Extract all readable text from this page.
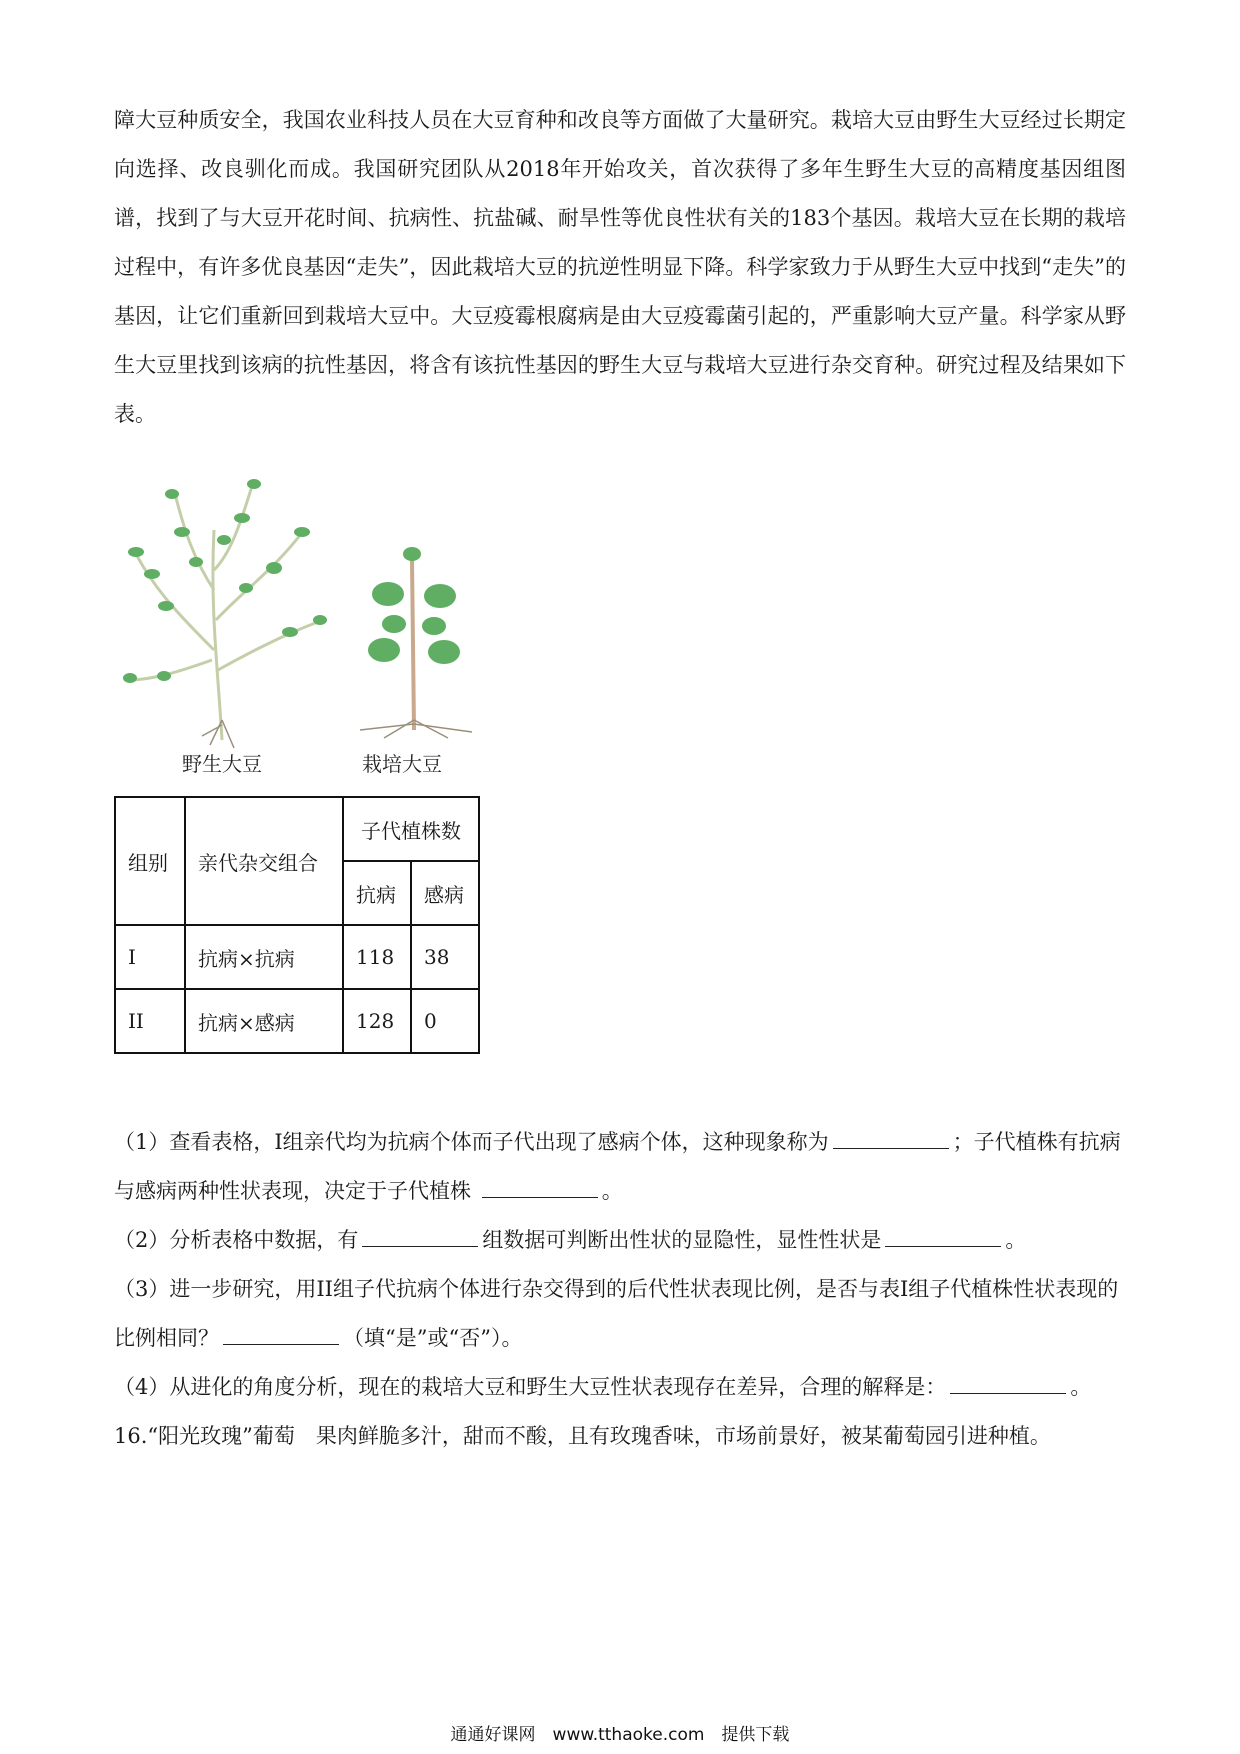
障大豆种质安全，我国农业科技人员在大豆育种和改良等方面做了大量研究。栽培大豆由野生大豆经过长期定向选择、改良驯化而成。我国研究团队从2018年开始攻关，首次获得了多年生野生大豆的高精度基因组图谱，找到了与大豆开花时间、抗病性、抗盐碱、耐旱性等优良性状有关的183个基因。栽培大豆在长期的栽培过程中，有许多优良基因“走失”，因此栽培大豆的抗逆性明显下降。科学家致力于从野生大豆中找到“走失”的基因，让它们重新回到栽培大豆中。大豆疫霉根腐病是由大豆疫霉菌引起的，严重影响大豆产量。科学家从野生大豆里找到该病的抗性基因，将含有该抗性基因的野生大豆与栽培大豆进行杂交育种。研究过程及结果如下表。

野生大豆	栽培大豆
组别	亲代杂交组合	子代植株数	
		抗病	感病
I	抗病×抗病	118	38
II	抗病×感病	128	0

（1）查看表格，I组亲代均为抗病个体而子代出现了感病个体，这种现象称为	；子代植株有抗病与感病两种性状表现，决定于子代植株	。

（2）分析表格中数据，有	组数据可判断出性状的显隐性，显性性状是	。

（3）进一步研究，用II组子代抗病个体进行杂交得到的后代性状表现比例，是否与表I组子代植株性状表现的比例相同？	（填“是”或“否”）。

（4）从进化的角度分析，现在的栽培大豆和野生大豆性状表现存在差异，合理的解释是：	。

16.“阳光玫瑰”葡萄　果肉鲜脆多汁，甜而不酸，且有玫瑰香味，市场前景好，被某葡萄园引进种植。

通通好课网　www.tthaoke.com　提供下载
